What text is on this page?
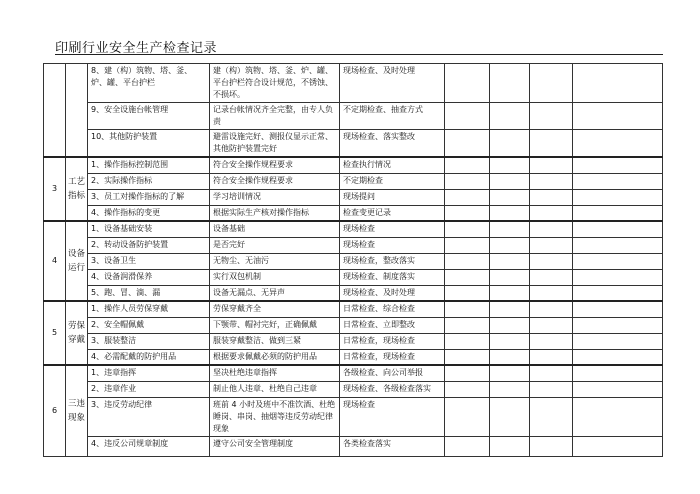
印刷行业安全生产检查记录
		8、建（构）筑物、塔、釜、炉、罐、平台护栏	建（构）筑物、塔、釜、炉、罐、平台护栏符合设计规范，不锈蚀、不损坏。	现场检查、及时处理				
		9、安全设施台帐管理	记录台帐情况齐全完整，由专人负责	不定期检查、抽查方式				
		10、其他防护装置	避雷设施完好、测报仪显示正常、其他防护装置完好	现场检查、落实整改				
3	工艺指标	1、操作指标控制范围	符合安全操作规程要求	检查执行情况				
		2、实际操作指标	符合安全操作规程要求	不定期检查				
		3、员工对操作指标的了解	学习培训情况	现场提问				
		4、操作指标的变更	根据实际生产核对操作指标	检查变更记录				
4	设备运行	1、设备基础安装	设备基础	现场检查				
		2、转动设备防护装置	是否完好	现场检查				
		3、设备卫生	无物尘、无油污	现场检查，整改落实				
		4、设备润滑保养	实行双包机制	现场检查、制度落实				
		5、跑、冒、滴、漏	设备无漏点、无异声	现场检查、及时处理				
5	劳保穿戴	1、操作人员劳保穿戴	劳保穿戴齐全	日常检查、综合检查				
		2、安全帽佩戴	下颚带、帽衬完好，正确佩戴	日常检查、立即整改				
		3、服装整洁	服装穿戴整洁、做到三紧	日常检查，现场检查				
		4、必需配戴的防护用品	根据要求佩戴必须的防护用品	日常检查，现场检查				
6	三违现象	1、违章指挥	坚决杜绝违章指挥	各级检查、向公司举报				
		2、违章作业	制止他人违章、杜绝自己违章	现场检查、各级检查落实				
		3、违反劳动纪律	班前 4 小时及班中不准饮酒、杜绝睡岗、串岗、抽烟等违反劳动纪律现象	现场检查				
		4、违反公司规章制度	遵守公司安全管理制度	各类检查落实				
